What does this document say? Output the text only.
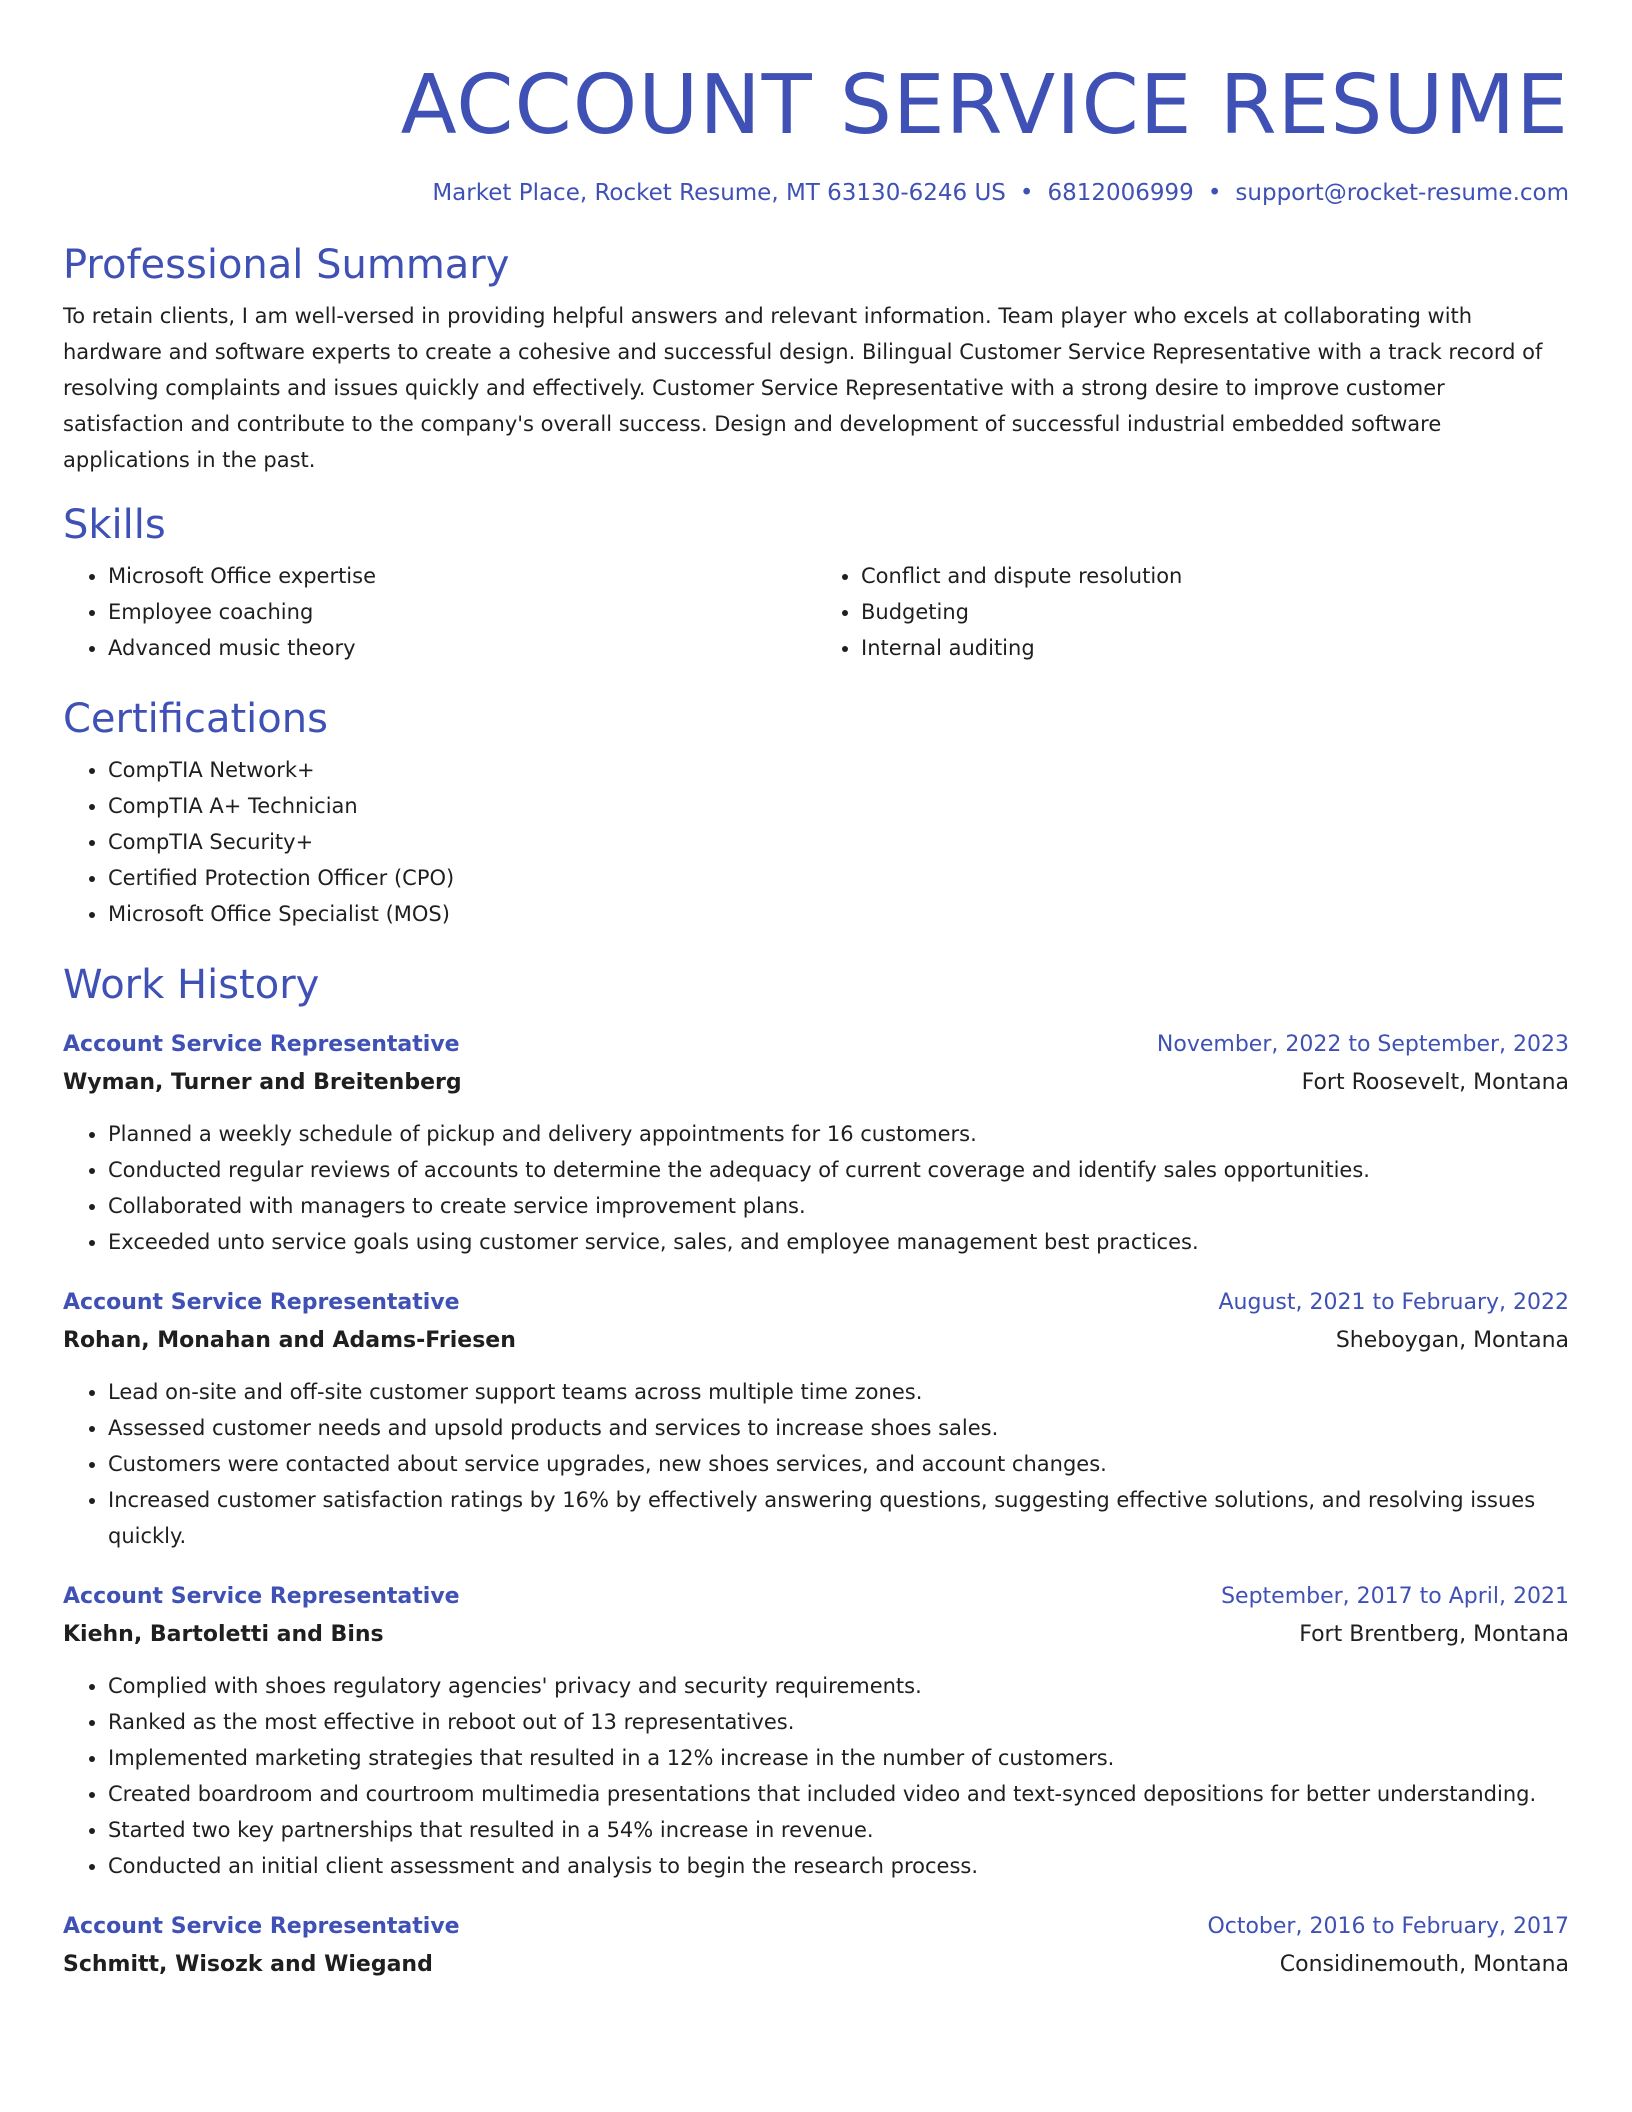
ACCOUNT SERVICE RESUME
Market Place, Rocket Resume, MT 63130-6246 US • 6812006999 • support@rocket-resume.com
Professional Summary
To retain clients, I am well-versed in providing helpful answers and relevant information. Team player who excels at collaborating with hardware and software experts to create a cohesive and successful design. Bilingual Customer Service Representative with a track record of resolving complaints and issues quickly and effectively. Customer Service Representative with a strong desire to improve customer satisfaction and contribute to the company's overall success. Design and development of successful industrial embedded software applications in the past.
Skills
• Microsoft Office expertise
• Employee coaching
• Advanced music theory
• Conflict and dispute resolution
• Budgeting
• Internal auditing
Certifications
• CompTIA Network+
• CompTIA A+ Technician
• CompTIA Security+
• Certified Protection Officer (CPO)
• Microsoft Office Specialist (MOS)
Work History
Account Service Representative	November, 2022 to September, 2023
Wyman, Turner and Breitenberg	Fort Roosevelt, Montana
• Planned a weekly schedule of pickup and delivery appointments for 16 customers.
• Conducted regular reviews of accounts to determine the adequacy of current coverage and identify sales opportunities.
• Collaborated with managers to create service improvement plans.
• Exceeded unto service goals using customer service, sales, and employee management best practices.
Account Service Representative	August, 2021 to February, 2022
Rohan, Monahan and Adams-Friesen	Sheboygan, Montana
• Lead on-site and off-site customer support teams across multiple time zones.
• Assessed customer needs and upsold products and services to increase shoes sales.
• Customers were contacted about service upgrades, new shoes services, and account changes.
• Increased customer satisfaction ratings by 16% by effectively answering questions, suggesting effective solutions, and resolving issues quickly.
Account Service Representative	September, 2017 to April, 2021
Kiehn, Bartoletti and Bins	Fort Brentberg, Montana
• Complied with shoes regulatory agencies' privacy and security requirements.
• Ranked as the most effective in reboot out of 13 representatives.
• Implemented marketing strategies that resulted in a 12% increase in the number of customers.
• Created boardroom and courtroom multimedia presentations that included video and text-synced depositions for better understanding.
• Started two key partnerships that resulted in a 54% increase in revenue.
• Conducted an initial client assessment and analysis to begin the research process.
Account Service Representative	October, 2016 to February, 2017
Schmitt, Wisozk and Wiegand	Considinemouth, Montana
